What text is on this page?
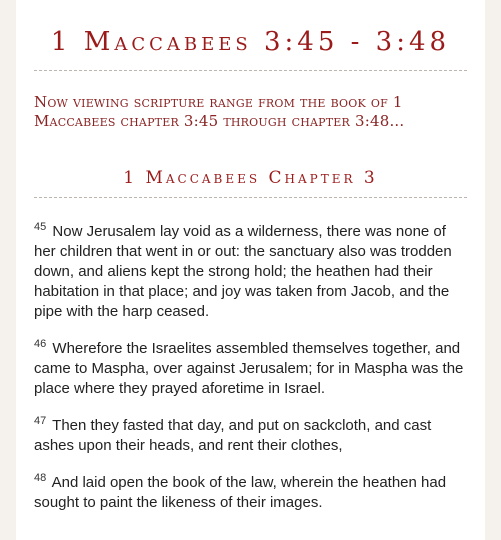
1 Maccabees 3:45 - 3:48

Now viewing scripture range from the book of 1 Maccabees chapter 3:45 through chapter 3:48...

1 Maccabees Chapter 3

$^{45}$ Now Jerusalem lay void as a wilderness, there was none of her children that went in or out: the sanctuary also was trodden down, and aliens kept the strong hold; the heathen had their habitation in that place; and joy was taken from Jacob, and the pipe with the harp ceased.

$^{46}$ Wherefore the Israelites assembled themselves together, and came to Maspha, over against Jerusalem; for in Maspha was the place where they prayed aforetime in Israel.

$^{47}$ Then they fasted that day, and put on sackcloth, and cast ashes upon their heads, and rent their clothes,

$^{48}$ And laid open the book of the law, wherein the heathen had sought to paint the likeness of their images.
